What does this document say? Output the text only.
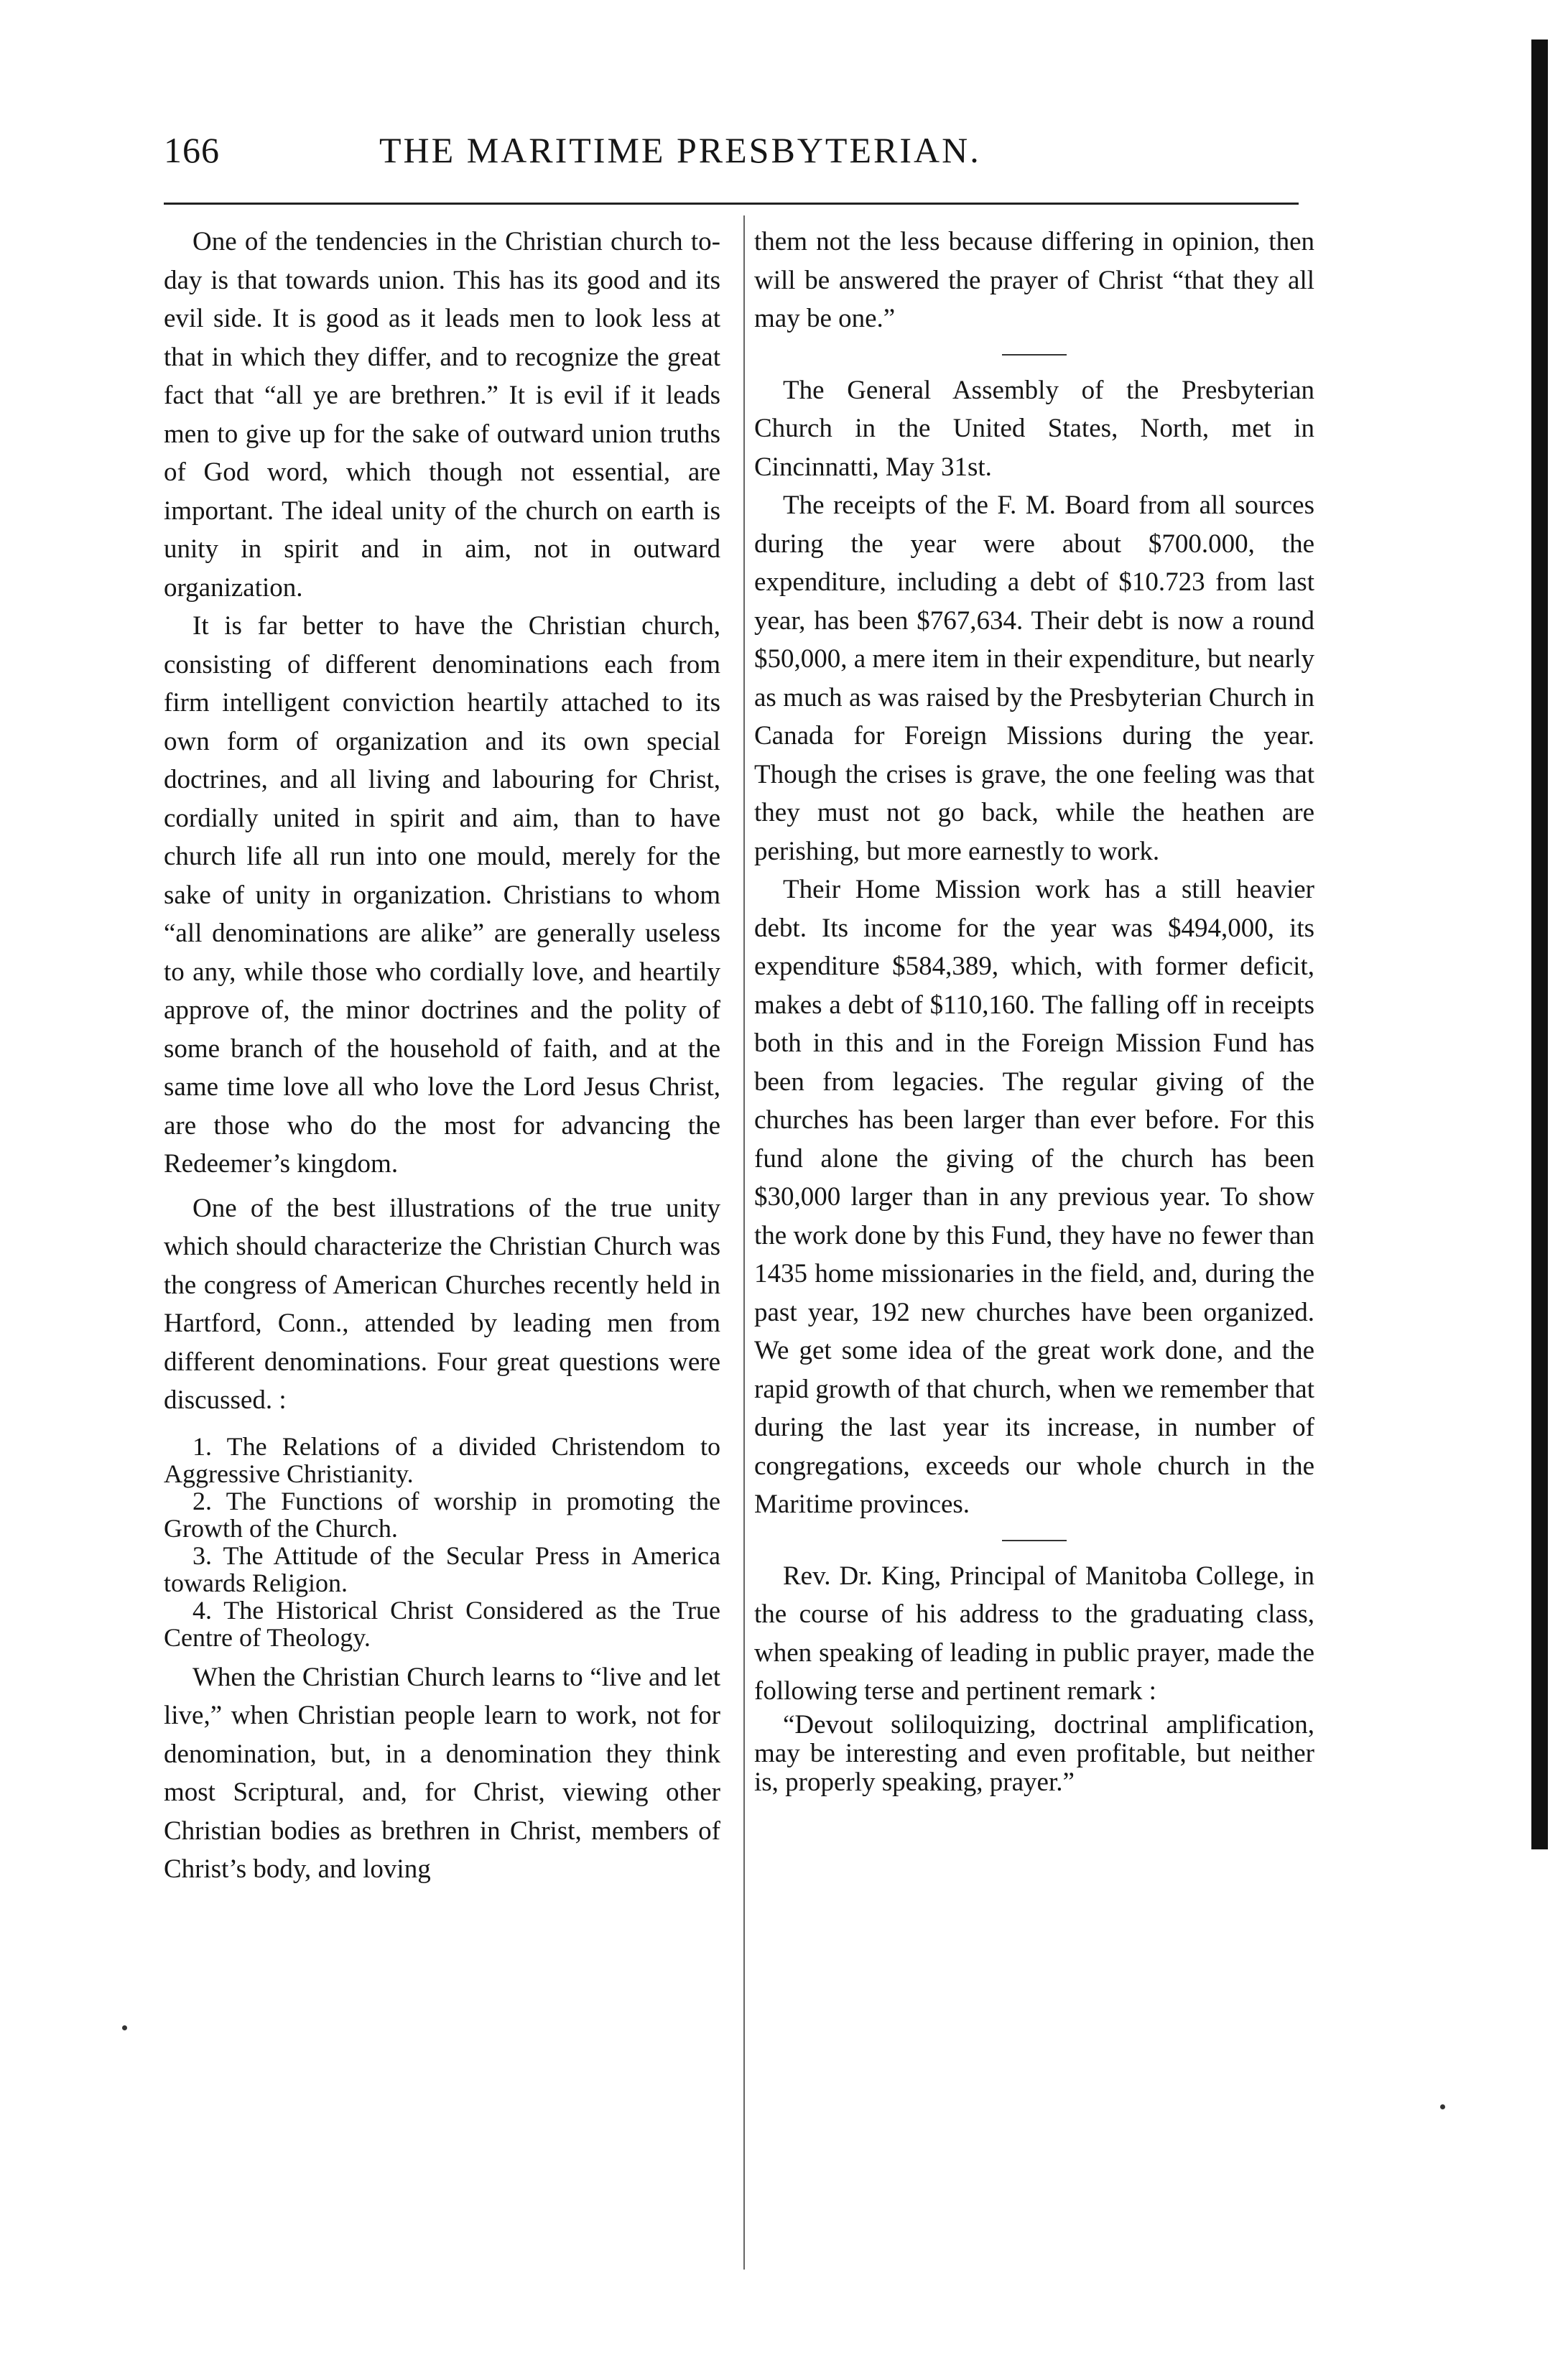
166	THE MARITIME PRESBYTERIAN.

One of the tendencies in the Christian church to-day is that towards union. This has its good and its evil side. It is good as it leads men to look less at that in which they differ, and to recognize the great fact that “all ye are brethren.” It is evil if it leads men to give up for the sake of outward union truths of God word, which though not essential, are important. The ideal unity of the church on earth is unity in spirit and in aim, not in outward organization.

It is far better to have the Christian church, consisting of different denominations each from firm intelligent conviction heartily attached to its own form of organization and its own special doctrines, and all living and labouring for Christ, cordially united in spirit and aim, than to have church life all run into one mould, merely for the sake of unity in organization. Christians to whom “all denominations are alike” are generally useless to any, while those who cordially love, and heartily approve of, the minor doctrines and the polity of some branch of the household of faith, and at the same time love all who love the Lord Jesus Christ, are those who do the most for advancing the Redeemer’s kingdom.

One of the best illustrations of the true unity which should characterize the Christian Church was the congress of American Churches recently held in Hartford, Conn., attended by leading men from different denominations. Four great questions were discussed. :

1. The Relations of a divided Christendom to Aggressive Christianity.

2. The Functions of worship in promoting the Growth of the Church.

3. The Attitude of the Secular Press in America towards Religion.

4. The Historical Christ Considered as the True Centre of Theology.

When the Christian Church learns to “live and let live,” when Christian people learn to work, not for denomination, but, in a denomination they think most Scriptural, and, for Christ, viewing other Christian bodies as brethren in Christ, members of Christ’s body, and loving

them not the less because differing in opinion, then will be answered the prayer of Christ “that they all may be one.”

The General Assembly of the Presbyterian Church in the United States, North, met in Cincinnatti, May 31st.

The receipts of the F. M. Board from all sources during the year were about $700.000, the expenditure, including a debt of $10.723 from last year, has been $767,634. Their debt is now a round $50,000, a mere item in their expenditure, but nearly as much as was raised by the Presbyterian Church in Canada for Foreign Missions during the year. Though the crises is grave, the one feeling was that they must not go back, while the heathen are perishing, but more earnestly to work.

Their Home Mission work has a still heavier debt. Its income for the year was $494,000, its expenditure $584,389, which, with former deficit, makes a debt of $110,160. The falling off in receipts both in this and in the Foreign Mission Fund has been from legacies. The regular giving of the churches has been larger than ever before. For this fund alone the giving of the church has been $30,000 larger than in any previous year. To show the work done by this Fund, they have no fewer than 1435 home missionaries in the field, and, during the past year, 192 new churches have been organized. We get some idea of the great work done, and the rapid growth of that church, when we remember that during the last year its increase, in number of congregations, exceeds our whole church in the Maritime provinces.

Rev. Dr. King, Principal of Manitoba College, in the course of his address to the graduating class, when speaking of leading in public prayer, made the following terse and pertinent remark :

“Devout soliloquizing, doctrinal amplification, may be interesting and even profitable, but neither is, properly speaking, prayer.”
